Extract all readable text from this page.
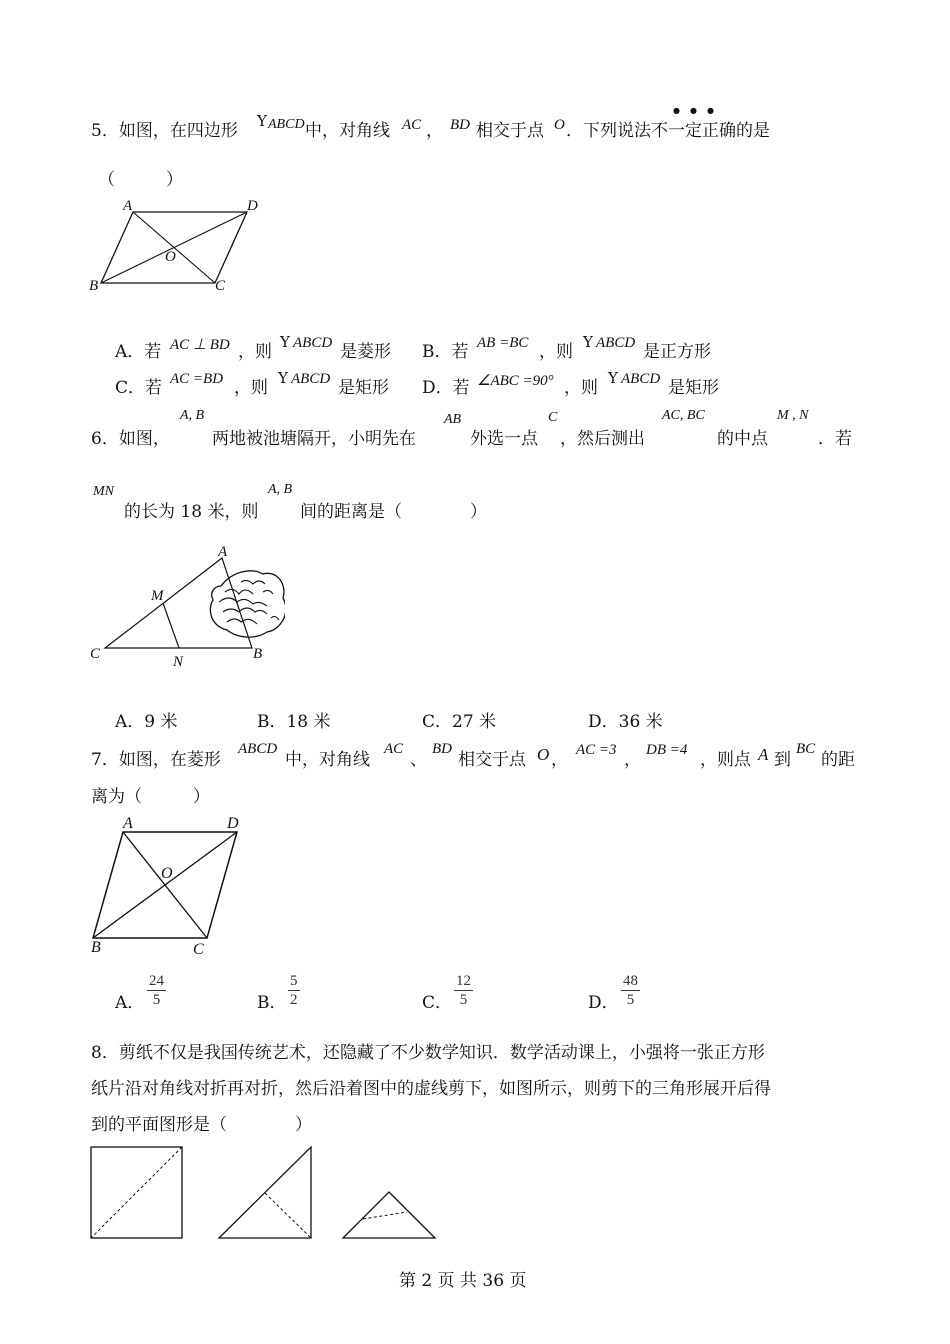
5．如图，在四边形 Y ABCD 中，对角线 AC ， BD 相交于点 O ．下列说法不一定正确的是
● ● ●
（　　　）
A	D
B	C
O
A．若 AC ⊥ BD ，则 Y ABCD 是菱形 B．若 AB =BC ，则 Y ABCD 是正方形
C．若 AC =BD ，则 Y ABCD 是矩形 D．若 ∠ABC =90° ，则 Y ABCD 是矩形
6．如图，
A, B
两地被池塘隔开，小明先在
AB
外选一点
C
，然后测出
AC, BC
的中点
M , N
．若
MN
的长为 18 米，则
A, B
间的距离是（　　　　）
A
M
C	N	B
A．9 米	B．18 米	C．27 米	D．36 米
7．如图，在菱形
ABCD
中，对角线
AC
、
BD
相交于点 O ， AC =3 ， DB =4 ，则点 A 到
BC
的距
离为（　　　）
A	D
O
B	C
A． $\frac{24}{5}$	B． $\frac{5}{2}$	C． $\frac{12}{5}$	D． $\frac{48}{5}$
8．剪纸不仅是我国传统艺术，还隐藏了不少数学知识．数学活动课上，小强将一张正方形
纸片沿对角线对折再对折，然后沿着图中的虚线剪下，如图所示，则剪下的三角形展开后得
到的平面图形是（　　　　）
第 2 页 共 36 页
